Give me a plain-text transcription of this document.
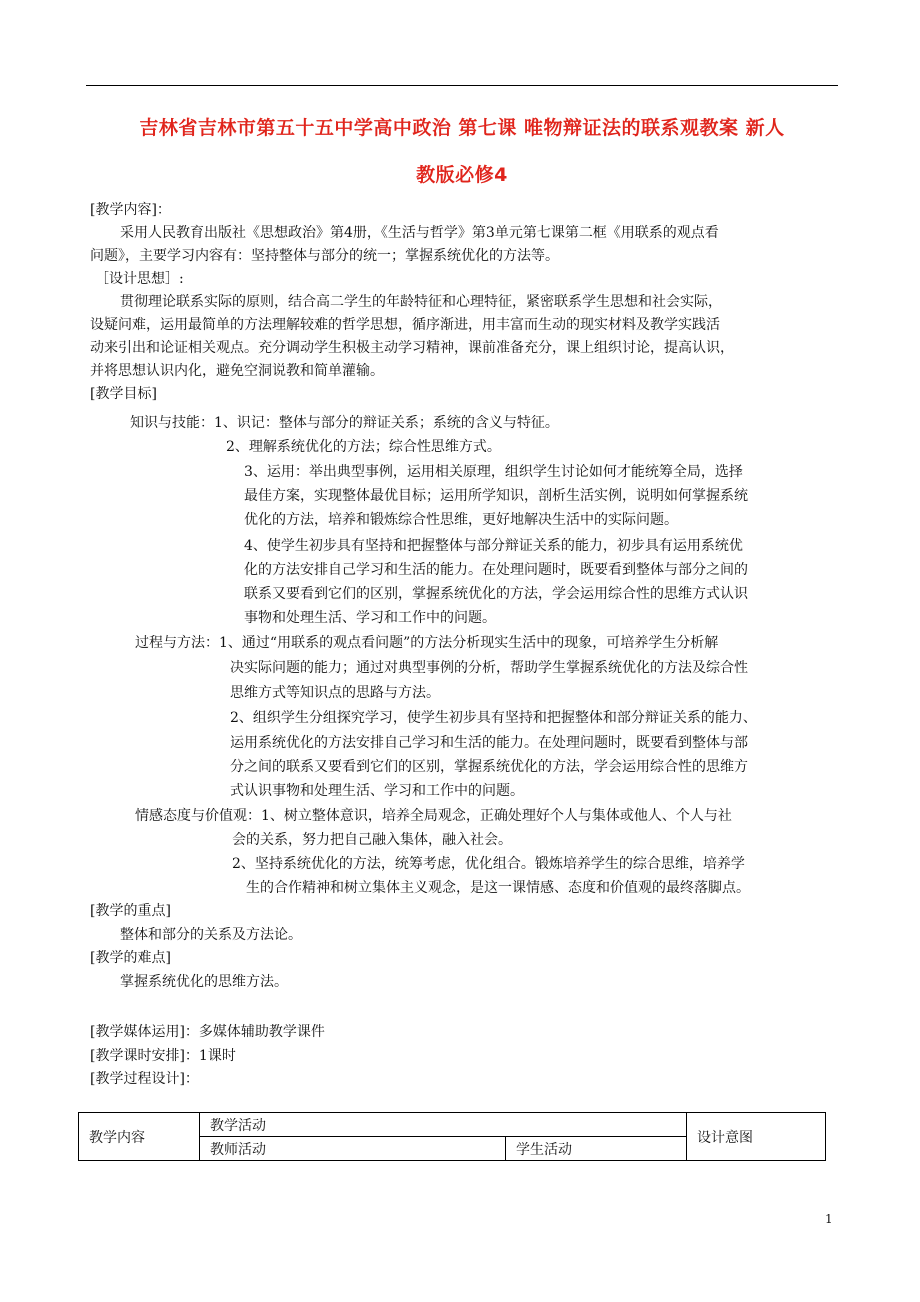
吉林省吉林市第五十五中学高中政治 第七课 唯物辩证法的联系观教案 新人
教版必修4
[教学内容]：
采用人民教育出版社《思想政治》第4册，《生活与哲学》第3单元第七课第二框《用联系的观点看
问题》，主要学习内容有：坚持整体与部分的统一；掌握系统优化的方法等。
［设计思想］:
贯彻理论联系实际的原则，结合高二学生的年龄特征和心理特征，紧密联系学生思想和社会实际，
设疑问难，运用最简单的方法理解较难的哲学思想，循序渐进，用丰富而生动的现实材料及教学实践活
动来引出和论证相关观点。充分调动学生积极主动学习精神，课前准备充分，课上组织讨论，提高认识，
并将思想认识内化，避免空洞说教和简单灌输。
[教学目标]
知识与技能： 1、识记：整体与部分的辩证关系；系统的含义与特征。
2、理解系统优化的方法；综合性思维方式。
3、运用：举出典型事例，运用相关原理，组织学生讨论如何才能统筹全局，选择
最佳方案，实现整体最优目标；运用所学知识，剖析生活实例，说明如何掌握系统
优化的方法，培养和锻炼综合性思维，更好地解决生活中的实际问题。
4、使学生初步具有坚持和把握整体与部分辩证关系的能力，初步具有运用系统优
化的方法安排自己学习和生活的能力。在处理问题时，既要看到整体与部分之间的
联系又要看到它们的区别，掌握系统优化的方法，学会运用综合性的思维方式认识
事物和处理生活、学习和工作中的问题。
过程与方法： 1、通过“用联系的观点看问题”的方法分析现实生活中的现象，可培养学生分析解
决实际问题的能力；通过对典型事例的分析，帮助学生掌握系统优化的方法及综合性
思维方式等知识点的思路与方法。
2、组织学生分组探究学习，使学生初步具有坚持和把握整体和部分辩证关系的能力、
运用系统优化的方法安排自己学习和生活的能力。在处理问题时，既要看到整体与部
分之间的联系又要看到它们的区别，掌握系统优化的方法，学会运用综合性的思维方
式认识事物和处理生活、学习和工作中的问题。
情感态度与价值观： 1、树立整体意识，培养全局观念，正确处理好个人与集体或他人、个人与社
会的关系，努力把自己融入集体，融入社会。
2、坚持系统优化的方法，统筹考虑，优化组合。锻炼培养学生的综合思维，培养学
生的合作精神和树立集体主义观念，是这一课情感、态度和价值观的最终落脚点。
[教学的重点]
整体和部分的关系及方法论。
[教学的难点]
掌握系统优化的思维方法。
[教学媒体运用]：多媒体辅助教学课件
[教学课时安排]：1课时
[教学过程设计]：
教学内容	教学活动		设计意图
	教师活动	学生活动	
1
